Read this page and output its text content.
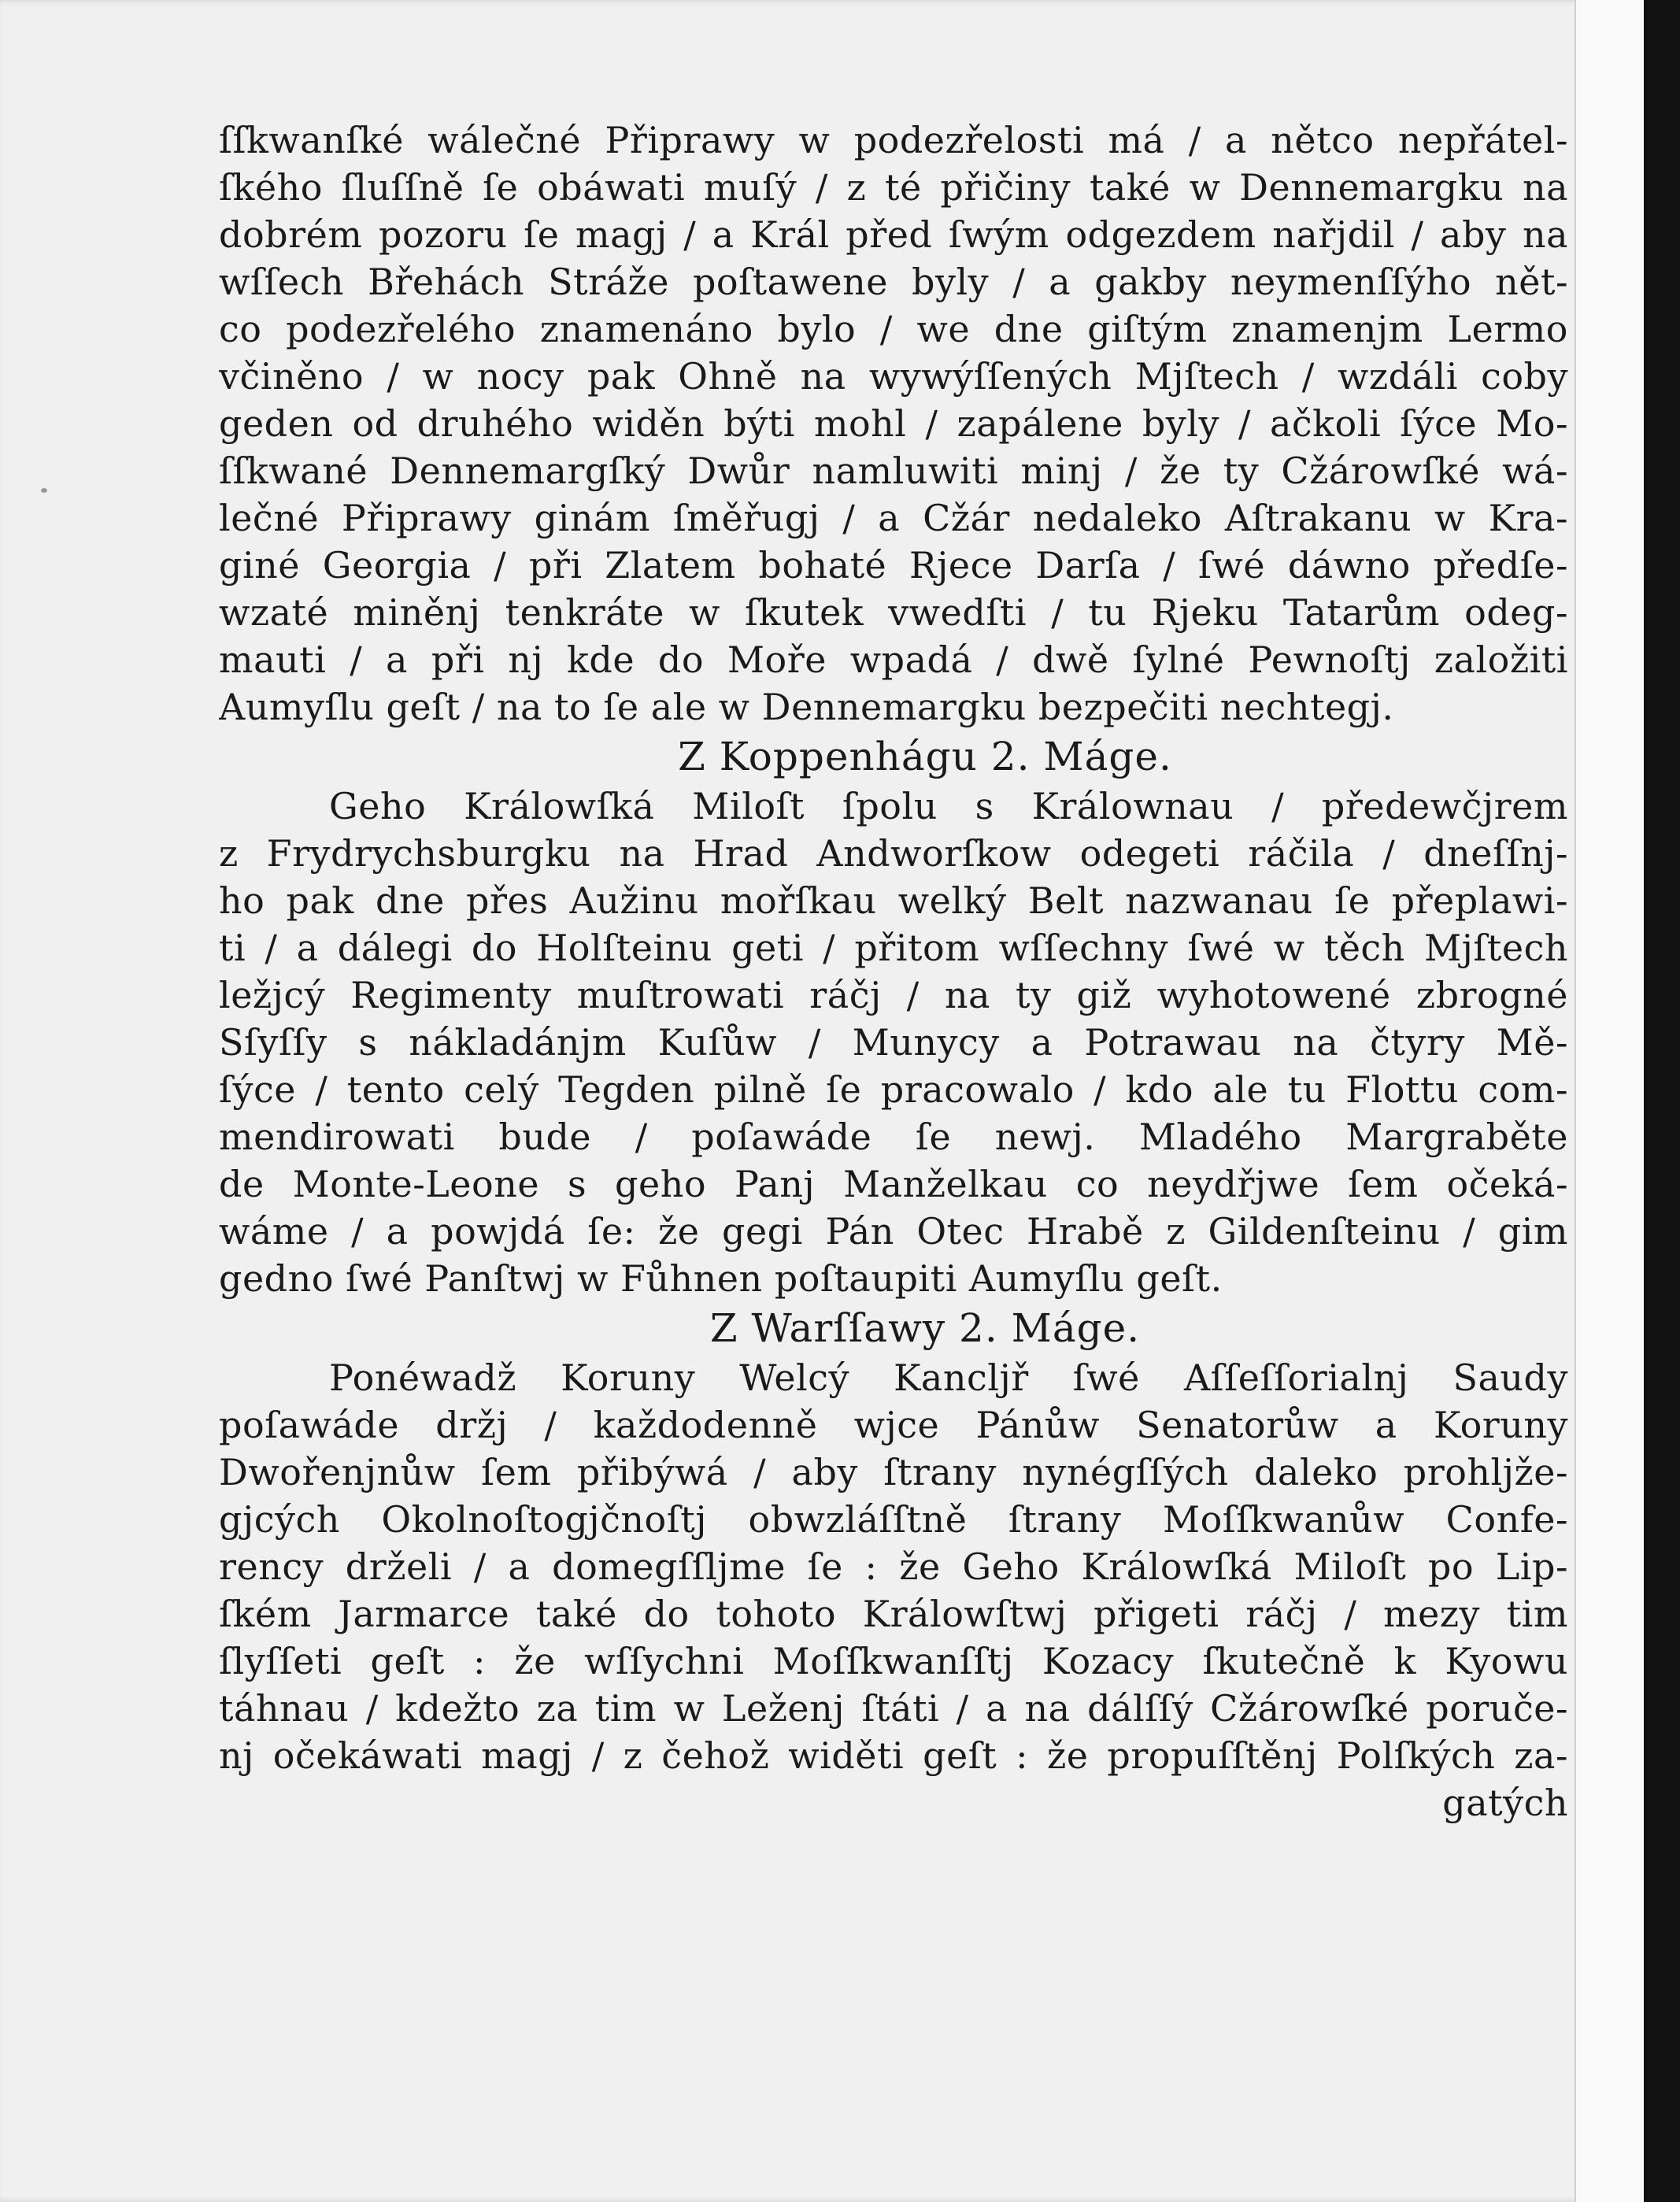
ſſkwanſké wálečné Připrawy w podezřelosti má / a nětco nepřátel-
ſkého ſluſſně ſe obáwati muſý / z té přičiny také w Dennemargku na
dobrém pozoru ſe magj / a Král před ſwým odgezdem nařjdil / aby na
wſſech Břehách Stráže poſtawene byly / a gakby neymenſſýho nět-
co podezřelého znamenáno bylo / we dne giſtým znamenjm Lermo
včiněno / w nocy pak Ohně na wywýſſených Mjſtech / wzdáli coby
geden od druhého widěn býti mohl / zapálene byly / ačkoli ſýce Mo-
ſſkwané Dennemargſký Dwůr namluwiti minj / že ty Cžárowſké wá-
lečné Připrawy ginám ſměřugj / a Cžár nedaleko Aſtrakanu w Kra-
giné Georgia / při Zlatem bohaté Rjece Darſa / ſwé dáwno předſe-
wzaté miněnj tenkráte w ſkutek vwedſti / tu Rjeku Tatarům odeg-
mauti / a při nj kde do Moře wpadá / dwě ſylné Pewnoſtj založiti
Aumyſlu geſt / na to ſe ale w Dennemargku bezpečiti nechtegj.
Z Koppenhágu 2. Máge.
Geho Králowſká Miloſt ſpolu s Králownau / předewčjrem
z Frydrychsburgku na Hrad Andworſkow odegeti ráčila / dneſſnj-
ho pak dne přes Aužinu mořſkau welký Belt nazwanau ſe přeplawi-
ti / a dálegi do Holſteinu geti / přitom wſſechny ſwé w těch Mjſtech
ležjcý Regimenty muſtrowati ráčj / na ty giž wyhotowené zbrogné
Sſyſſy s nákladánjm Kuſůw / Munycy a Potrawau na čtyry Mě-
ſýce / tento celý Tegden pilně ſe pracowalo / kdo ale tu Flottu com-
mendirowati bude / poſawáde ſe newj. Mladého Margraběte
de Monte-Leone s geho Panj Manželkau co neydřjwe ſem očeká-
wáme / a powjdá ſe: že gegi Pán Otec Hrabě z Gildenſteinu / gim
gedno ſwé Panſtwj w Fůhnen poſtaupiti Aumyſlu geſt.
Z Warſſawy 2. Máge.
Ponéwadž Koruny Welcý Kancljř ſwé Aſſeſſorialnj Saudy
poſawáde držj / každodenně wjce Pánůw Senatorůw a Koruny
Dwořenjnůw ſem přibýwá / aby ſtrany nynégſſých daleko prohljže-
gjcých Okolnoſtogjčnoſtj obwzláſſtně ſtrany Moſſkwanůw Confe-
rency drželi / a domegſſljme ſe : že Geho Králowſká Miloſt po Lip-
ſkém Jarmarce také do tohoto Králowſtwj přigeti ráčj / mezy tim
ſlyſſeti geſt : že wſſychni Moſſkwanſſtj Kozacy ſkutečně k Kyowu
táhnau / kdežto za tim w Leženj ſtáti / a na dálſſý Cžárowſké poruče-
nj očekáwati magj / z čehož widěti geſt : že propuſſtěnj Polſkých za-
gatých
